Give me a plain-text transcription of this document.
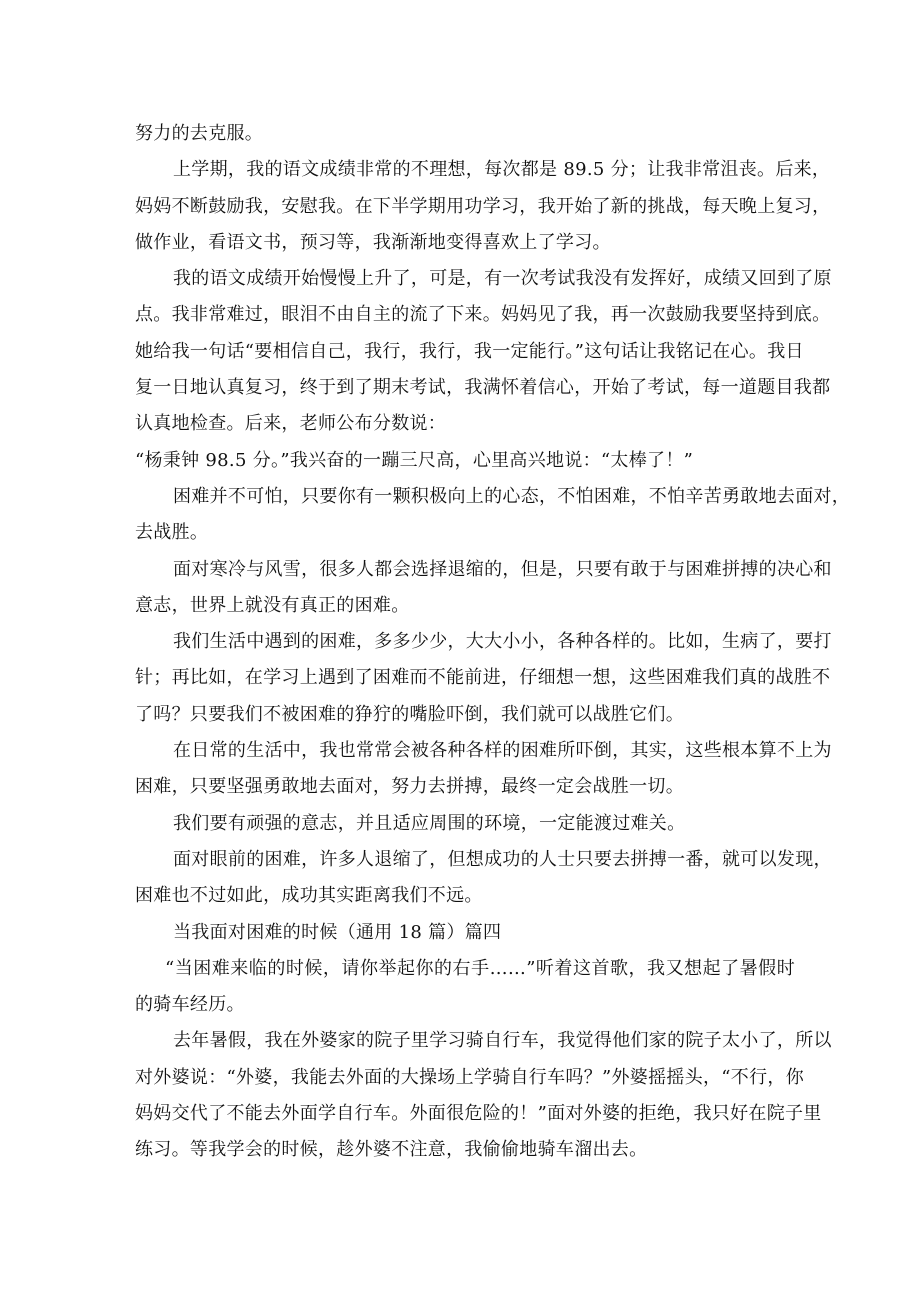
努力的去克服。
上学期，我的语文成绩非常的不理想，每次都是 89.5 分；让我非常沮丧。后来，
妈妈不断鼓励我，安慰我。在下半学期用功学习，我开始了新的挑战，每天晚上复习，
做作业，看语文书，预习等，我渐渐地变得喜欢上了学习。
我的语文成绩开始慢慢上升了，可是，有一次考试我没有发挥好，成绩又回到了原
点。我非常难过，眼泪不由自主的流了下来。妈妈见了我，再一次鼓励我要坚持到底。
她给我一句话“要相信自己，我行，我行，我一定能行。”这句话让我铭记在心。我日
复一日地认真复习，终于到了期末考试，我满怀着信心，开始了考试，每一道题目我都
认真地检查。后来，老师公布分数说：
“杨秉钟 98.5 分。”我兴奋的一蹦三尺高，心里高兴地说：“太棒了！”
困难并不可怕，只要你有一颗积极向上的心态，不怕困难，不怕辛苦勇敢地去面对，
去战胜。
面对寒冷与风雪，很多人都会选择退缩的，但是，只要有敢于与困难拼搏的决心和
意志，世界上就没有真正的困难。
我们生活中遇到的困难，多多少少，大大小小，各种各样的。比如，生病了，要打
针；再比如，在学习上遇到了困难而不能前进，仔细想一想，这些困难我们真的战胜不
了吗？只要我们不被困难的狰狞的嘴脸吓倒，我们就可以战胜它们。
在日常的生活中，我也常常会被各种各样的困难所吓倒，其实，这些根本算不上为
困难，只要坚强勇敢地去面对，努力去拼搏，最终一定会战胜一切。
我们要有顽强的意志，并且适应周围的环境，一定能渡过难关。
面对眼前的困难，许多人退缩了，但想成功的人士只要去拼搏一番，就可以发现，
困难也不过如此，成功其实距离我们不远。
当我面对困难的时候（通用 18 篇）篇四
“当困难来临的时候，请你举起你的右手……”听着这首歌，我又想起了暑假时
的骑车经历。
去年暑假，我在外婆家的院子里学习骑自行车，我觉得他们家的院子太小了，所以
对外婆说：“外婆，我能去外面的大操场上学骑自行车吗？”外婆摇摇头，“不行，你
妈妈交代了不能去外面学自行车。外面很危险的！”面对外婆的拒绝，我只好在院子里
练习。等我学会的时候，趁外婆不注意，我偷偷地骑车溜出去。
